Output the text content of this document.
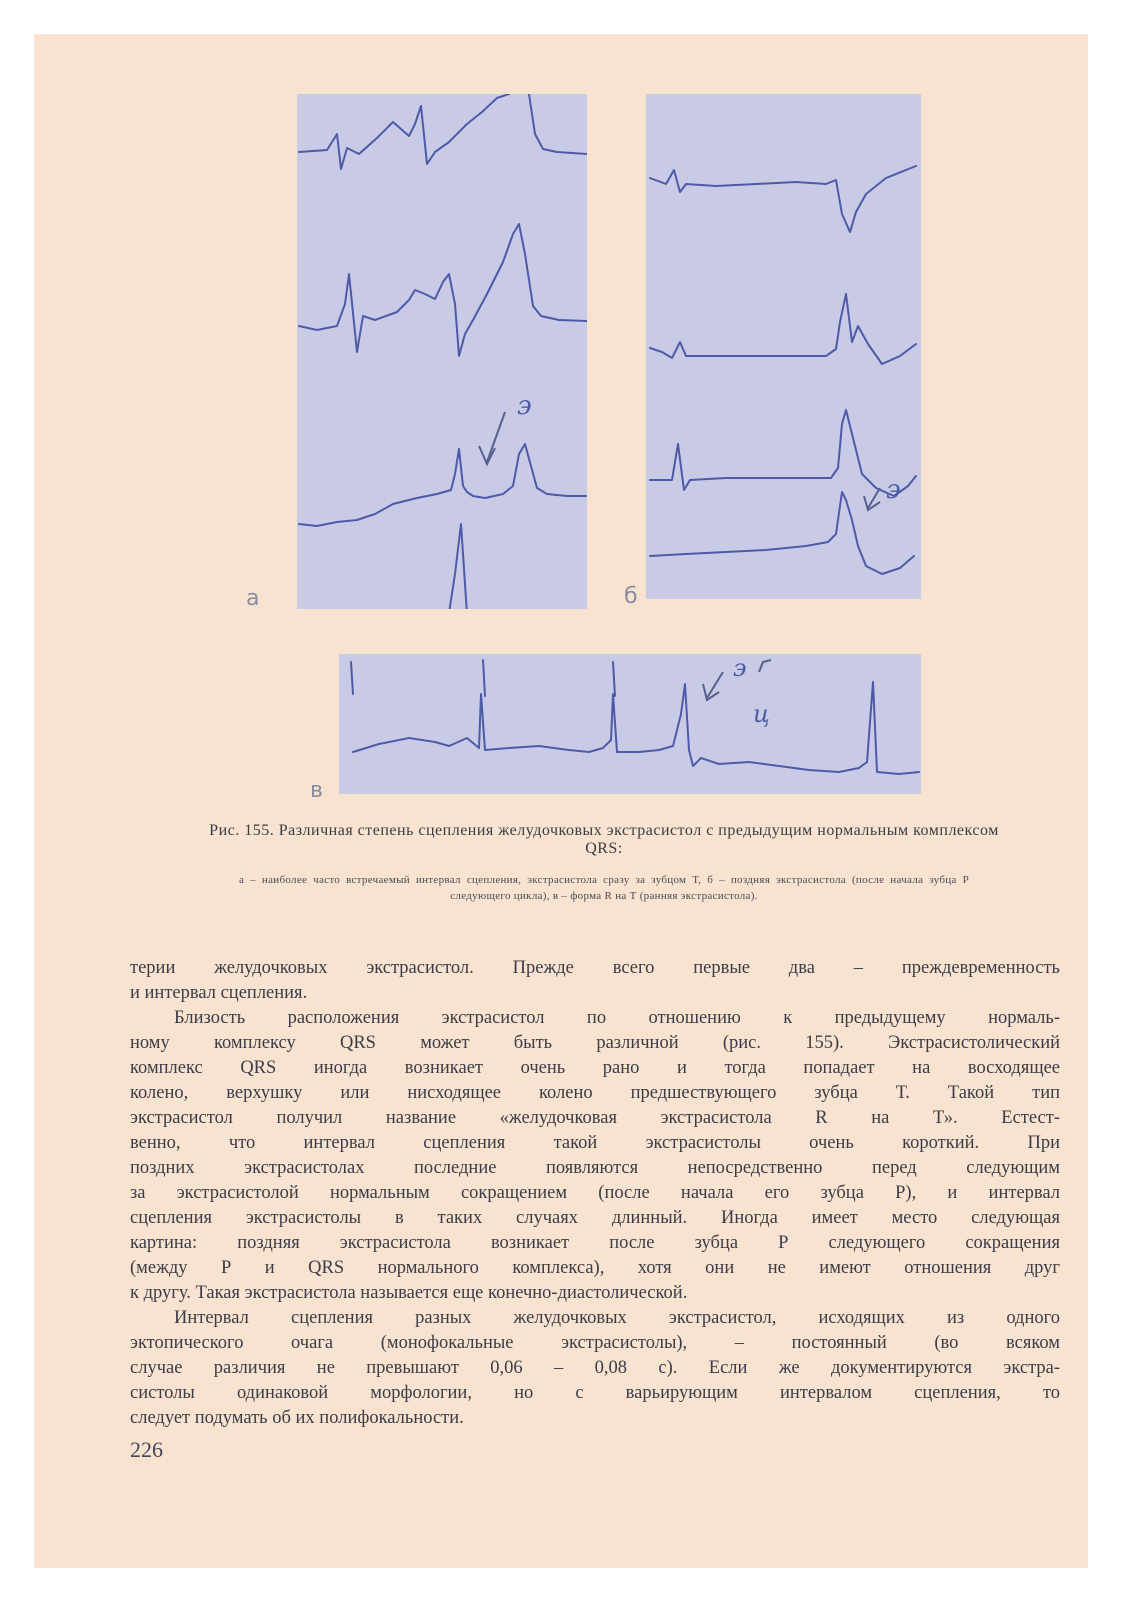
э
а
э
б
э
ц
в
Рис. 155. Различная степень сцепления желудочковых экстрасистол с предыдущим нормальным комплексом QRS:
а – наиболее часто встречаемый интервал сцепления, экстрасистола сразу за зубцом Т, б – поздняя экстрасистола (после начала зубца Р следующего цикла), в – форма R на Т (ранняя экстрасистола).

терии желудочковых экстрасистол. Прежде всего первые два – преждевременность

и интервал сцепления.

Близость расположения экстрасистол по отношению к предыдущему нормаль-

ному комплексу QRS может быть различной (рис. 155). Экстрасистолический

комплекс QRS иногда возникает очень рано и тогда попадает на восходящее

колено, верхушку или нисходящее колено предшествующего зубца Т. Такой тип

экстрасистол получил название «желудочковая экстрасистола R на Т». Естест-

венно, что интервал сцепления такой экстрасистолы очень короткий. При

поздних экстрасистолах последние появляются непосредственно перед следующим

за экстрасистолой нормальным сокращением (после начала его зубца Р), и интервал

сцепления экстрасистолы в таких случаях длинный. Иногда имеет место следующая

картина: поздняя экстрасистола возникает после зубца Р следующего сокращения

(между Р и QRS нормального комплекса), хотя они не имеют отношения друг

к другу. Такая экстрасистола называется еще конечно-диастолической.

Интервал сцепления разных желудочковых экстрасистол, исходящих из одного

эктопического очага (монофокальные экстрасистолы), – постоянный (во всяком

случае различия не превышают 0,06 – 0,08 с). Если же документируются экстра-

систолы одинаковой морфологии, но с варьирующим интервалом сцепления, то

следует подумать об их полифокальности.

226
